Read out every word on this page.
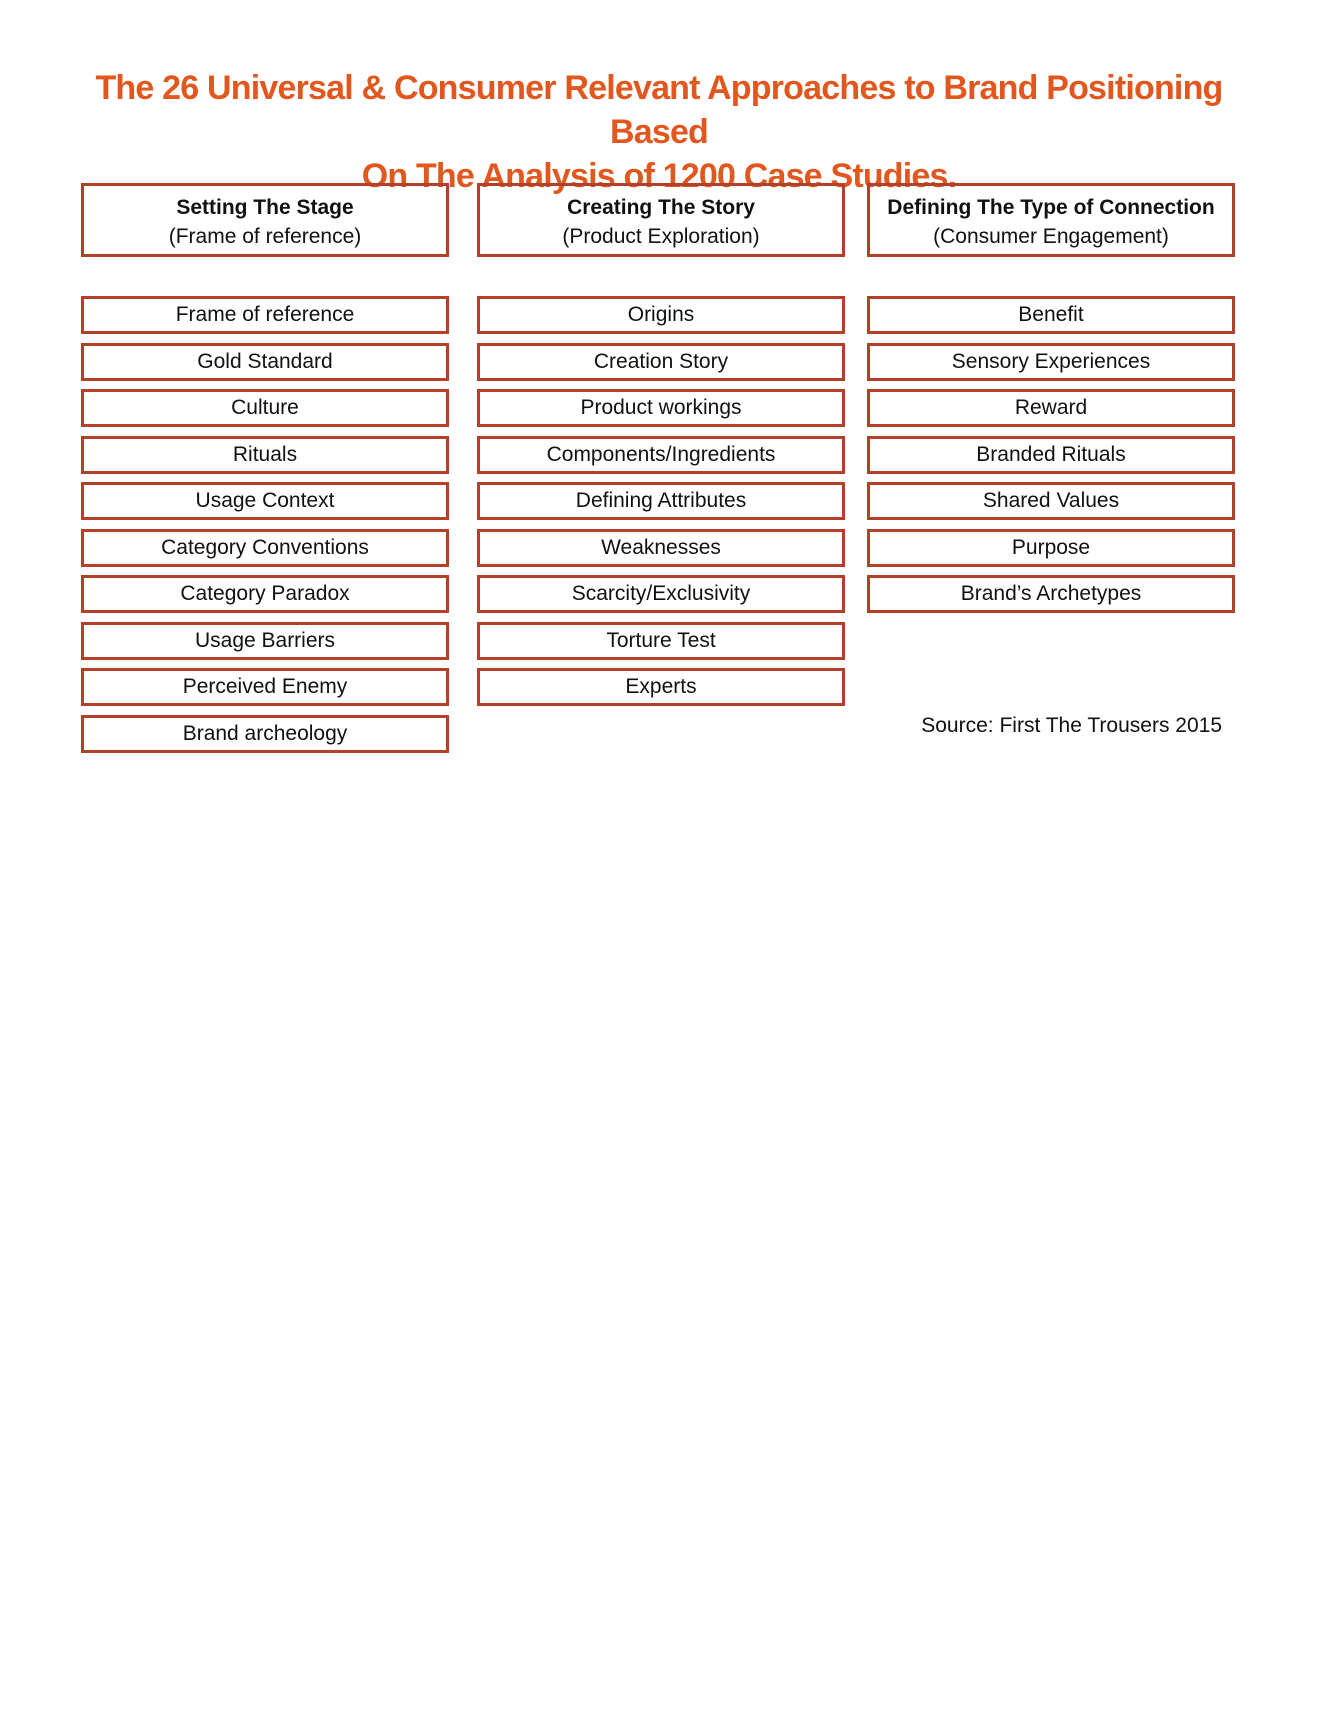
The 26 Universal & Consumer Relevant Approaches to Brand Positioning Based
On The Analysis of 1200 Case Studies.
Setting The Stage
(Frame of reference)
Frame of reference
Gold Standard
Culture
Rituals
Usage Context
Category Conventions
Category Paradox
Usage Barriers
Perceived Enemy
Brand archeology
Creating The Story
(Product Exploration)
Origins
Creation Story
Product workings
Components/Ingredients
Defining Attributes
Weaknesses
Scarcity/Exclusivity
Torture Test
Experts
Defining The Type of Connection
(Consumer Engagement)
Benefit
Sensory Experiences
Reward
Branded Rituals
Shared Values
Purpose
Brand’s Archetypes
Source: First The Trousers 2015
